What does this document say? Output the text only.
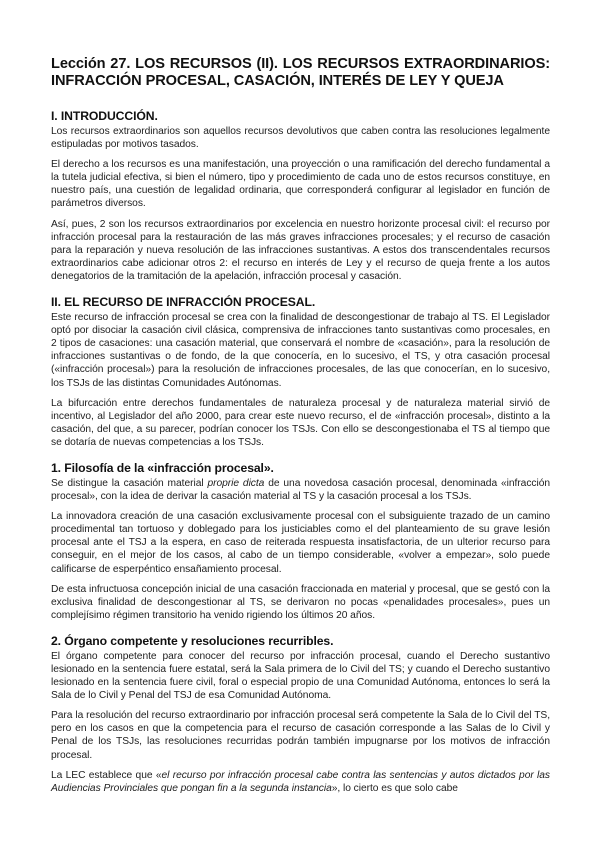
Lección 27. LOS RECURSOS (II). LOS RECURSOS EXTRAORDINARIOS: INFRACCIÓN PROCESAL, CASACIÓN, INTERÉS DE LEY Y QUEJA
I. INTRODUCCIÓN.

Los recursos extraordinarios son aquellos recursos devolutivos que caben contra las resoluciones legalmente estipuladas por motivos tasados.

El derecho a los recursos es una manifestación, una proyección o una ramificación del derecho fundamental a la tutela judicial efectiva, si bien el número, tipo y procedimiento de cada uno de estos recursos constituye, en nuestro país, una cuestión de legalidad ordinaria, que corresponderá configurar al legislador en función de parámetros diversos.

Así, pues, 2 son los recursos extraordinarios por excelencia en nuestro horizonte procesal civil: el recurso por infracción procesal para la restauración de las más graves infracciones procesales; y el recurso de casación para la reparación y nueva resolución de las infracciones sustantivas. A estos dos transcendentales recursos extraordinarios cabe adicionar otros 2: el recurso en interés de Ley y el recurso de queja frente a los autos denegatorios de la tramitación de la apelación, infracción procesal y casación.

II. EL RECURSO DE INFRACCIÓN PROCESAL.

Este recurso de infracción procesal se crea con la finalidad de descongestionar de trabajo al TS. El Legislador optó por disociar la casación civil clásica, comprensiva de infracciones tanto sustantivas como procesales, en 2 tipos de casaciones: una casación material, que conservará el nombre de «casación», para la resolución de infracciones sustantivas o de fondo, de la que conocería, en lo sucesivo, el TS, y otra casación procesal («infracción procesal») para la resolución de infracciones procesales, de las que conocerían, en lo sucesivo, los TSJs de las distintas Comunidades Autónomas.

La bifurcación entre derechos fundamentales de naturaleza procesal y de naturaleza material sirvió de incentivo, al Legislador del año 2000, para crear este nuevo recurso, el de «infracción procesal», distinto a la casación, del que, a su parecer, podrían conocer los TSJs. Con ello se descongestionaba el TS al tiempo que se dotaría de nuevas competencias a los TSJs.

1. Filosofía de la «infracción procesal».

Se distingue la casación material proprie dicta de una novedosa casación procesal, denominada «infracción procesal», con la idea de derivar la casación material al TS y la casación procesal a los TSJs.

La innovadora creación de una casación exclusivamente procesal con el subsiguiente trazado de un camino procedimental tan tortuoso y doblegado para los justiciables como el del planteamiento de su grave lesión procesal ante el TSJ a la espera, en caso de reiterada respuesta insatisfactoria, de un ulterior recurso para conseguir, en el mejor de los casos, al cabo de un tiempo considerable, «volver a empezar», solo puede calificarse de esperpéntico ensañamiento procesal.

De esta infructuosa concepción inicial de una casación fraccionada en material y procesal, que se gestó con la exclusiva finalidad de descongestionar al TS, se derivaron no pocas «penalidades procesales», pues un complejísimo régimen transitorio ha venido rigiendo los últimos 20 años.

2. Órgano competente y resoluciones recurribles.

El órgano competente para conocer del recurso por infracción procesal, cuando el Derecho sustantivo lesionado en la sentencia fuere estatal, será la Sala primera de lo Civil del TS; y cuando el Derecho sustantivo lesionado en la sentencia fuere civil, foral o especial propio de una Comunidad Autónoma, entonces lo será la Sala de lo Civil y Penal del TSJ de esa Comunidad Autónoma.

Para la resolución del recurso extraordinario por infracción procesal será competente la Sala de lo Civil del TS, pero en los casos en que la competencia para el recurso de casación corresponde a las Salas de lo Civil y Penal de los TSJs, las resoluciones recurridas podrán también impugnarse por los motivos de infracción procesal.

La LEC establece que «el recurso por infracción procesal cabe contra las sentencias y autos dictados por las Audiencias Provinciales que pongan fin a la segunda instancia», lo cierto es que solo cabe
